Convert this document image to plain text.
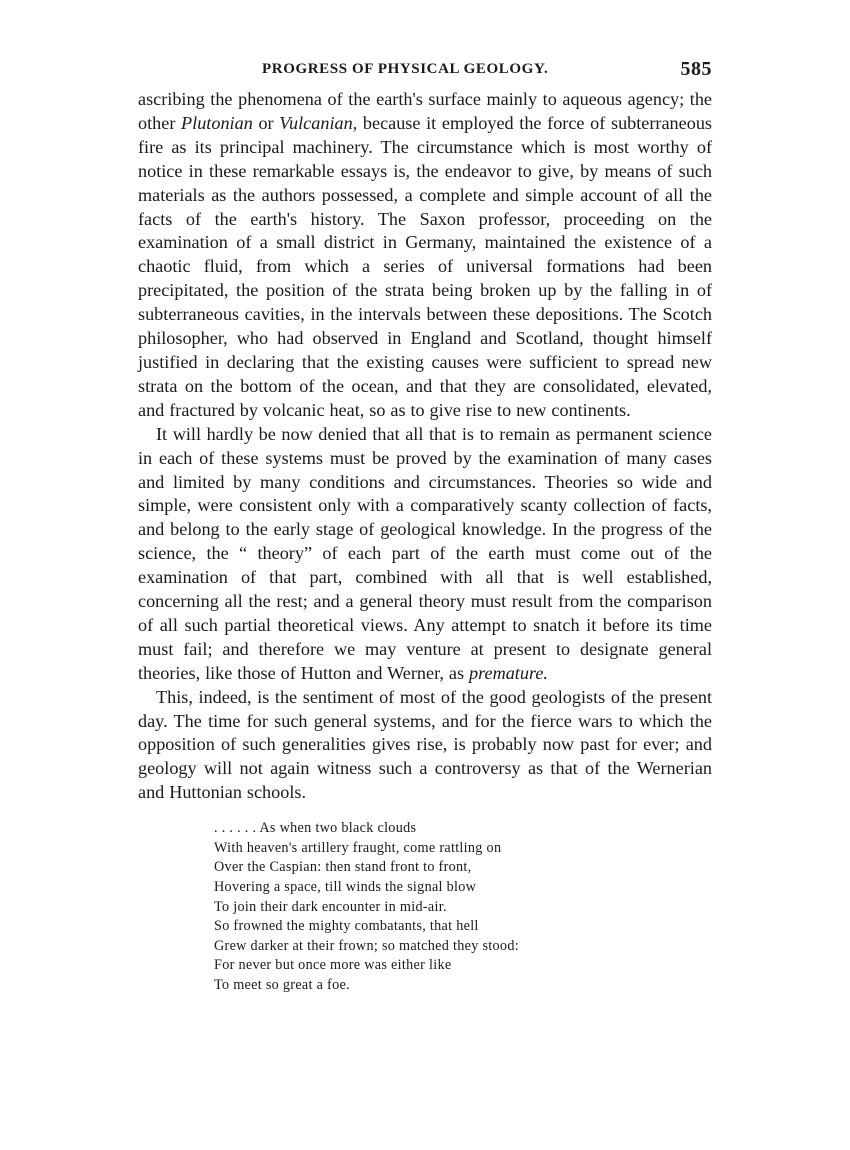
PROGRESS OF PHYSICAL GEOLOGY.	585

ascribing the phenomena of the earth's surface mainly to aqueous agency; the other Plutonian or Vulcanian, because it employed the force of subterraneous fire as its principal machinery. The circumstance which is most worthy of notice in these remarkable essays is, the endeavor to give, by means of such materials as the authors possessed, a complete and simple account of all the facts of the earth's history. The Saxon professor, proceeding on the examination of a small district in Germany, maintained the existence of a chaotic fluid, from which a series of universal formations had been precipitated, the position of the strata being broken up by the falling in of subterraneous cavities, in the intervals between these depositions. The Scotch philosopher, who had observed in England and Scotland, thought himself justified in declaring that the existing causes were sufficient to spread new strata on the bottom of the ocean, and that they are consolidated, elevated, and fractured by volcanic heat, so as to give rise to new continents.

It will hardly be now denied that all that is to remain as permanent science in each of these systems must be proved by the examination of many cases and limited by many conditions and circumstances. Theories so wide and simple, were consistent only with a comparatively scanty collection of facts, and belong to the early stage of geological knowledge. In the progress of the science, the “ theory” of each part of the earth must come out of the examination of that part, combined with all that is well established, concerning all the rest; and a general theory must result from the comparison of all such partial theoretical views. Any attempt to snatch it before its time must fail; and therefore we may venture at present to designate general theories, like those of Hutton and Werner, as premature.

This, indeed, is the sentiment of most of the good geologists of the present day. The time for such general systems, and for the fierce wars to which the opposition of such generalities gives rise, is probably now past for ever; and geology will not again witness such a controversy as that of the Wernerian and Huttonian schools.

. . . . . . As when two black clouds
With heaven's artillery fraught, come rattling on
Over the Caspian: then stand front to front,
Hovering a space, till winds the signal blow
To join their dark encounter in mid-air.
So frowned the mighty combatants, that hell
Grew darker at their frown; so matched they stood:
For never but once more was either like
To meet so great a foe.
